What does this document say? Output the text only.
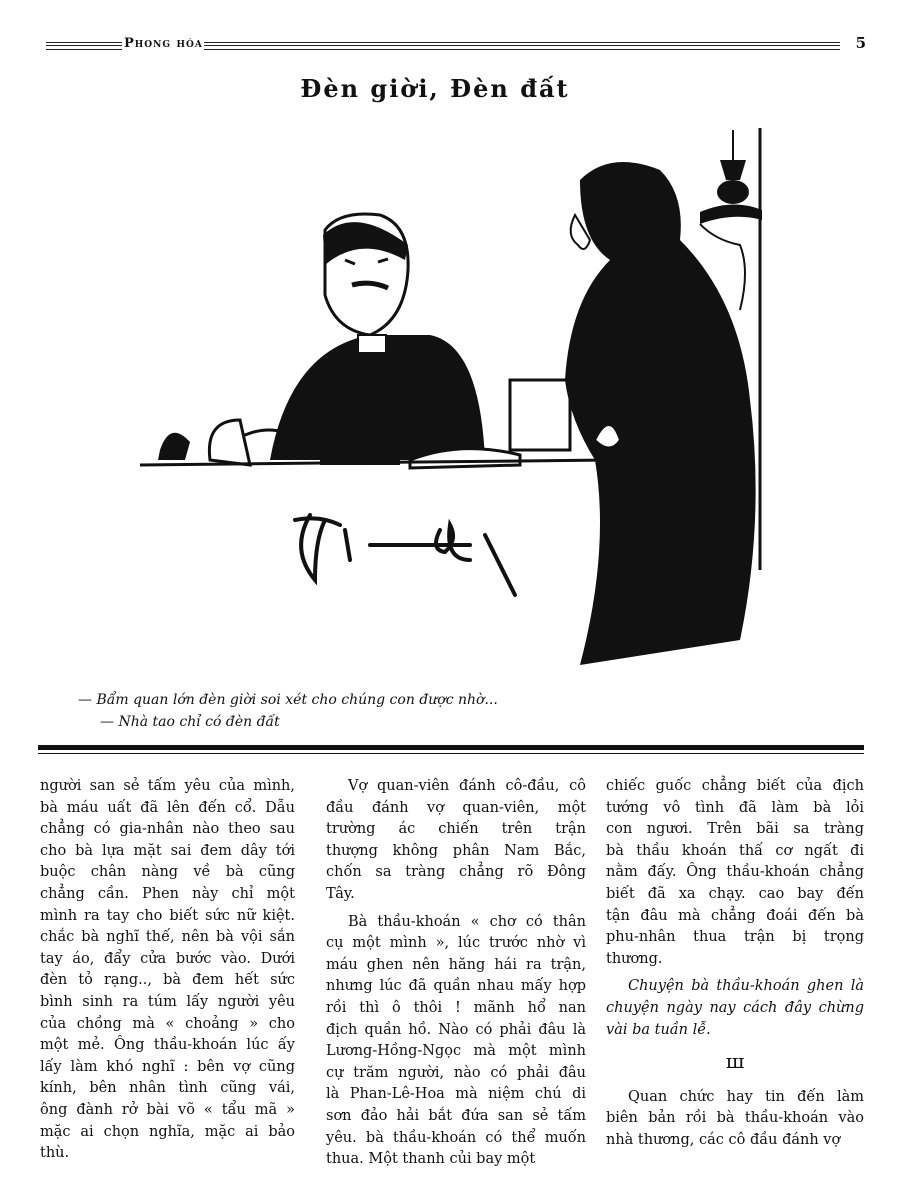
Phong hóa	5
Đèn giời, Đèn đất
— Bẩm quan lớn đèn giời soi xét cho chúng con được nhờ...
— Nhà tao chỉ có đèn đất

người san sẻ tấm yêu của mình,
bà máu uất đã lên đến cổ. Dẫu
chẳng có gia-nhân nào theo sau
cho bà lựa mặt sai đem dây tới
buộc chân nàng về bà cũng
chẳng cần. Phen này chỉ một
mình ra tay cho biết sức nữ kiệt.
chắc bà nghĩ thế, nên bà vội sắn
tay áo, đẩy cửa bước vào. Dưới
đèn tỏ rạng.., bà đem hết sức
bình sinh ra túm lấy người yêu
của chồng mà « choảng » cho
một mẻ. Ông thầu-khoán lúc ấy
lấy làm khó nghĩ : bên vợ cũng
kính, bên nhân tình cũng vái,
ông đành rở bài võ « tẩu mã »
mặc ai chọn nghĩa, mặc ai bảo
thù.

Vợ quan-viên đánh cô-đầu, cô
đầu đánh vợ quan-viên, một
trường ác chiến trên trận
thượng không phân Nam Bắc,
chốn sa tràng chẳng rõ Đông
Tây.

Bà thầu-khoán « chơ có thân
cụ một mình », lúc trước nhờ vì
máu ghen nên hăng hái ra trận,
nhưng lúc đã quần nhau mấy hợp
rồi thì ô thôi ! mãnh hổ nan
địch quần hồ. Nào có phải đâu là
Lương-Hồng-Ngọc mà một mình
cự trăm người, nào có phải đâu
là Phan-Lê-Hoa mà niệm chú di
sơn đảo hải bắt đứa san sẻ tấm
yêu. bà thầu-khoán có thể muốn
thua. Một thanh củi bay một

chiếc guốc chẳng biết của địch
tướng vô tình đã làm bà lỏi
con ngươi. Trên bãi sa tràng
bà thầu khoán thấ cơ ngất đi
nằm đấy. Ông thầu-khoán chẳng
biết đã xa chạy. cao bay đến
tận đâu mà chẳng đoái đến bà
phu-nhân thua trận bị trọng
thương.

Chuyện bà thầu-khoán ghen là
chuyện ngày nay cách đây chừng
vài ba tuần lễ.

ш

Quan chức hay tin đến làm
biên bản rồi bà thầu-khoán vào
nhà thương, các cô đầu đánh vợ
